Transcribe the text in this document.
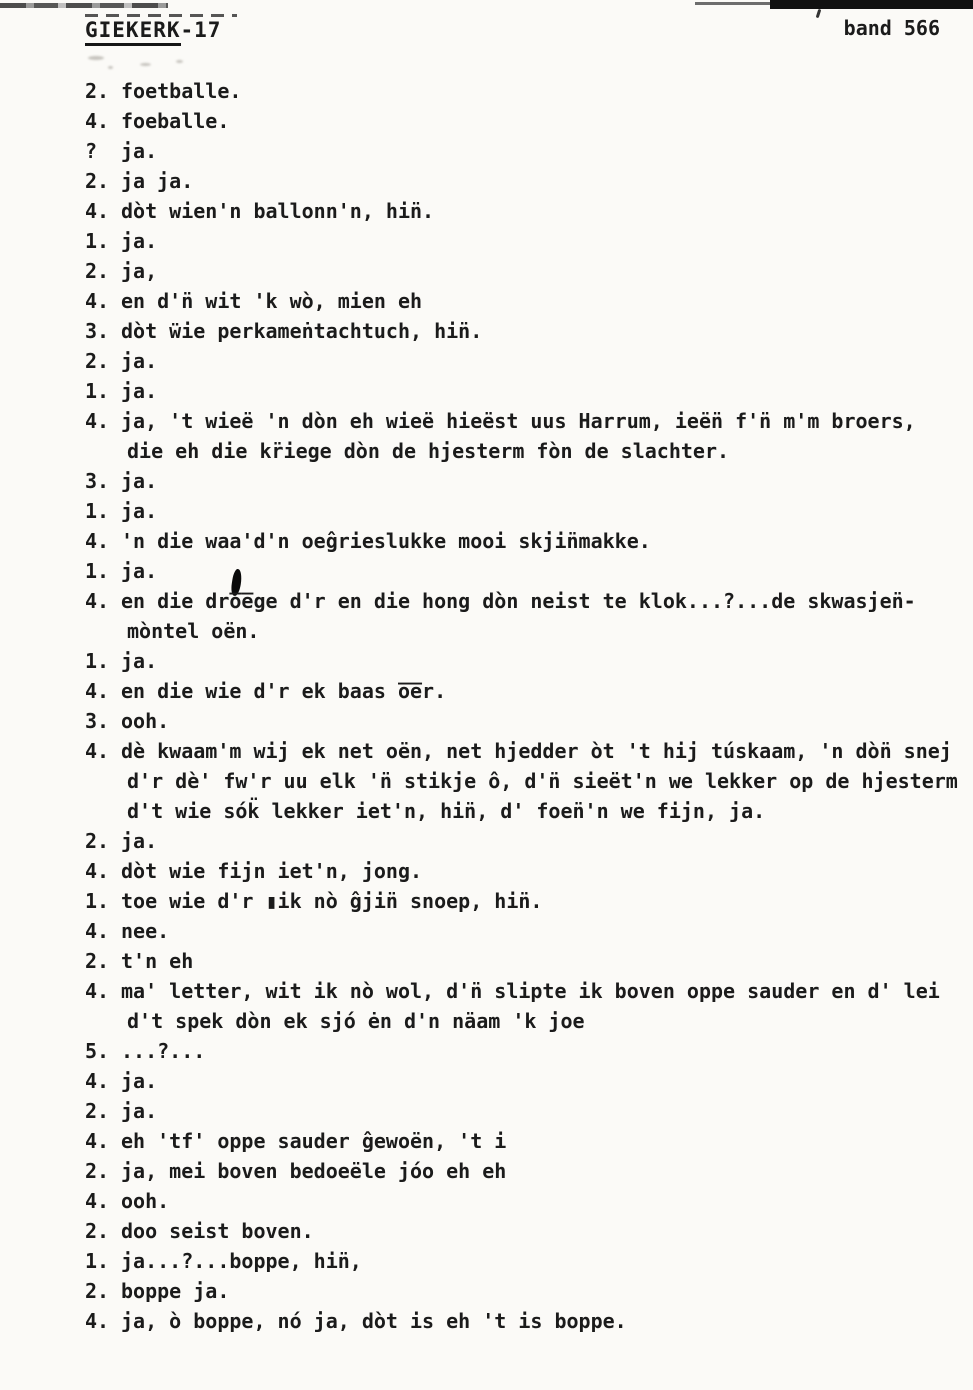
GIEKERK-17	band 566
2. foetballe.
4. foeballe.
?	ja.
2. ja ja.
4. dòt wien'n ballonn'n, hin̈.
1. ja.
2. ja,
4. en d'n̈ wit 'k wò, mien eh
3. dòt ẅie perkameṅtachtuch, hin̈.
2. ja.
1. ja.
4. ja, 't wieë 'n dòn eh wieë hieëst uus Harrum, ieën̈ f'n̈ m'm broers,
die eh die kr̈iege dòn de hjesterm fòn de slachter.
3. ja.
1. ja.
4. 'n die waa'd'n oeĝrieslukke mooi skjin̈makke.
1. ja.
4. en die dro̅e̅ge d'r en die hong dòn neist te klok...?...de skwasjen̈-
mòntel oën.
1. ja.
4. en die wie d'r ek baas o̅e̅r.
3. ooh.
4. dè kwaam'm wij ek net oën, net hjedder òt 't hij túskaam, 'n dòn̈ snej
d'r dè' fw'r uu elk 'n̈ stikje ô, d'n̈ sieët'n we lekker op de hjesterm
d't wie sók̈ lekker iet'n, hin̈, d' foen̈'n we fijn, ja.
2. ja.
4. dòt wie fijn iet'n, jong.
1. toe wie d'r ▮ik nò ĝjin̈ snoep, hin̈.
4. nee.
2. t'n eh
4. ma' letter, wit ik nò wol, d'n̈ slipte ik boven oppe sauder en d' lei
d't spek dòn ek sjó ėn d'n näam 'k joe
5. ...?...
4. ja.
2. ja.
4. eh 'tf' oppe sauder ĝewoën, 't i
2. ja, mei boven bedoeële jóo eh eh
4. ooh.
2. doo seist boven.
1. ja...?...boppe, hin̈,
2. boppe ja.
4. ja, ò boppe, nó ja, dòt is eh 't is boppe.
